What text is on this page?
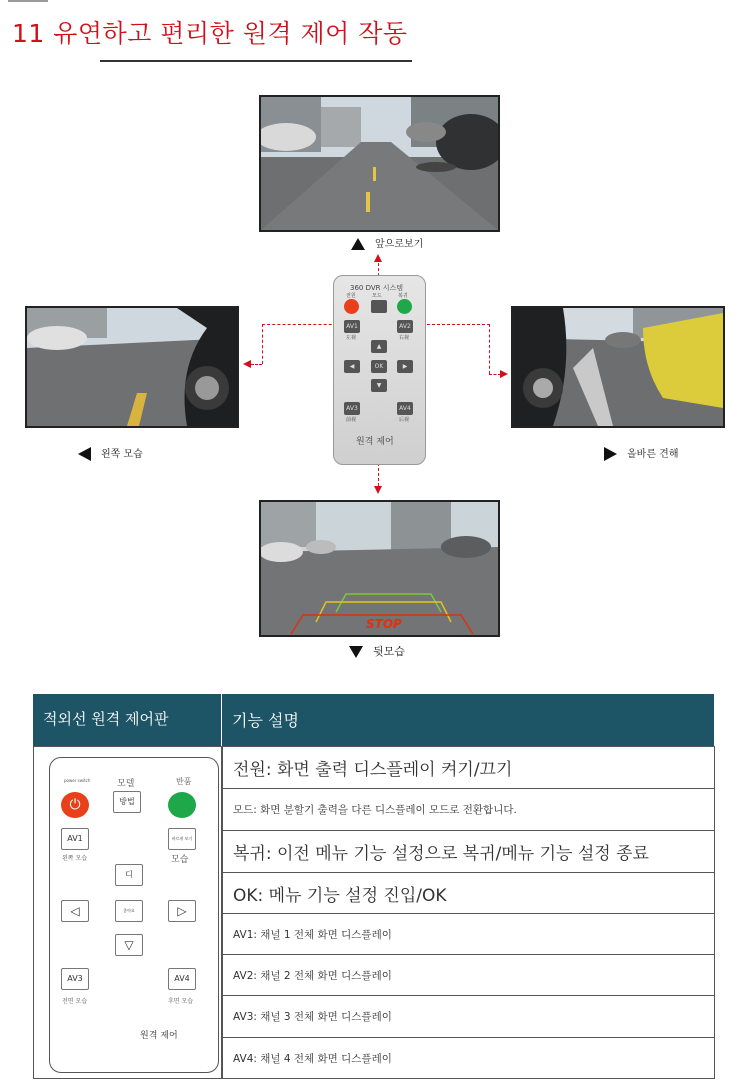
11 유연하고 편리한 원격 제어 작동
앞으로보기
왼쪽 모습	올바른 견해
STOP
뒷모습
360 DVR 시스템
전원	모드	복귀
AV1	AV2
左视	右视
▲
◀	OK	▶
▼
AV3	AV4
前视	后视
원격 제어
적외선 원격 제어판	기능 설명
전원: 화면 출력 디스플레이 켜기/끄기
모드: 화면 분할기 출력을 다른 디스플레이 모드로 전환합니다.
복귀: 이전 메뉴 기능 설정으로 복귀/메뉴 기능 설정 종료
OK: 메뉴 기능 설정 진입/OK
AV1: 채널 1 전체 화면 디스플레이
AV2: 채널 2 전체 화면 디스플레이
AV3: 채널 3 전체 화면 디스플레이
AV4: 채널 4 전체 화면 디스플레이
power switch	모델	반품
⏻	방법
AV1
왼쪽 모습
바르게 보기
모습
디
◁	좋아요	▷
▽
AV3
전면 모습
AV4
후면 모습
원격 제어
